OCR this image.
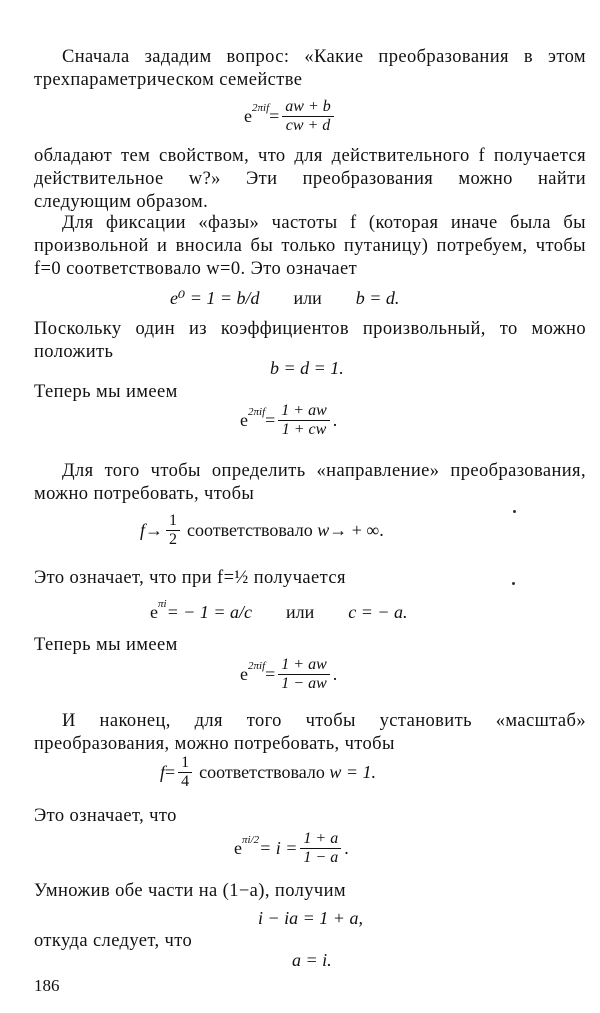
Сначала зададим вопрос: «Какие преобразования в этом трехпараметрическом семействе
e $2\pi if = \frac{aw + b}{cw + d}$
обладают тем свойством, что для действительного f получается действительное w?» Эти преобразования можно найти следующим образом.
Для фиксации «фазы» частоты f (которая иначе была бы произвольной и вносила бы только путаницу) потребуем, чтобы f=0 соответствовало w=0. Это означает
e⁰ = 1 = b/d или b = d.
Поскольку один из коэффициентов произвольный, то можно положить
b = d = 1.
Теперь мы имеем
e $2\pi if = \frac{1 + aw}{1 + cw}$ .
Для того чтобы определить «направление» преобразования, можно потребовать, чтобы
$f \to \frac{1}{2}$ соответствовало
w → + ∞.
Это означает, что при f=½ получается
e πi = − 1 = a/c или c = − a.
Теперь мы имеем
e $2\pi if = \frac{1 + aw}{1 - aw}$ .
И наконец, для того чтобы установить «масштаб» преобразования, можно потребовать, чтобы
$f = \frac{1}{4}$ соответствовало
w = 1.
Это означает, что
e $\pi i/2 = i = \frac{1 + a}{1 - a}$ .
Умножив обе части на (1−a), получим
i − ia = 1 + a,
откуда следует, что
a = i.
186
